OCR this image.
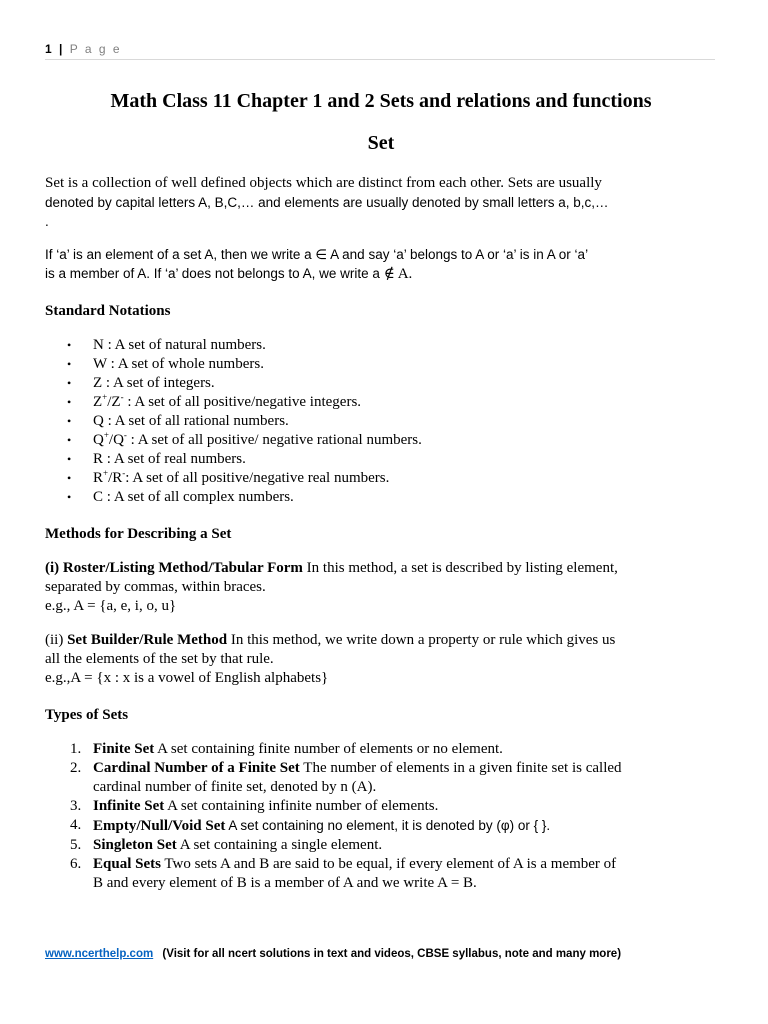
1 | P a g e
Math Class 11 Chapter 1 and 2 Sets and relations and functions
Set

Set is a collection of well defined objects which are distinct from each other. Sets are usually

denoted by capital letters A, B,C,… and elements are usually denoted by small letters a, b,c,…

.

If ‘a’ is an element of a set A, then we write a ∈ A and say ‘a’ belongs to A or ‘a’ is in A or ‘a’

is a member of A. If ‘a’ does not belongs to A, we write a ∉ A.

Standard Notations

• N : A set of natural numbers.
• W : A set of whole numbers.
• Z : A set of integers.
• Z+/Z- : A set of all positive/negative integers.
• Q : A set of all rational numbers.
• Q+/Q- : A set of all positive/ negative rational numbers.
• R : A set of real numbers.
• R+/R-: A set of all positive/negative real numbers.
• C : A set of all complex numbers.

Methods for Describing a Set

(i) Roster/Listing Method/Tabular Form In this method, a set is described by listing element,

separated by commas, within braces.

e.g., A = {a, e, i, o, u}

(ii) Set Builder/Rule Method In this method, we write down a property or rule which gives us

all the elements of the set by that rule.

e.g.,A = {x : x is a vowel of English alphabets}

Types of Sets

1. Finite Set A set containing finite number of elements or no element.
2. Cardinal Number of a Finite Set The number of elements in a given finite set is called
cardinal number of finite set, denoted by n (A).
3. Infinite Set A set containing infinite number of elements.
4. Empty/Null/Void Set A set containing no element, it is denoted by (φ) or { }.
5. Singleton Set A set containing a single element.
6. Equal Sets Two sets A and B are said to be equal, if every element of A is a member of
B and every element of B is a member of A and we write A = B.
www.ncerthelp.com (Visit for all ncert solutions in text and videos, CBSE syllabus, note and many more)
